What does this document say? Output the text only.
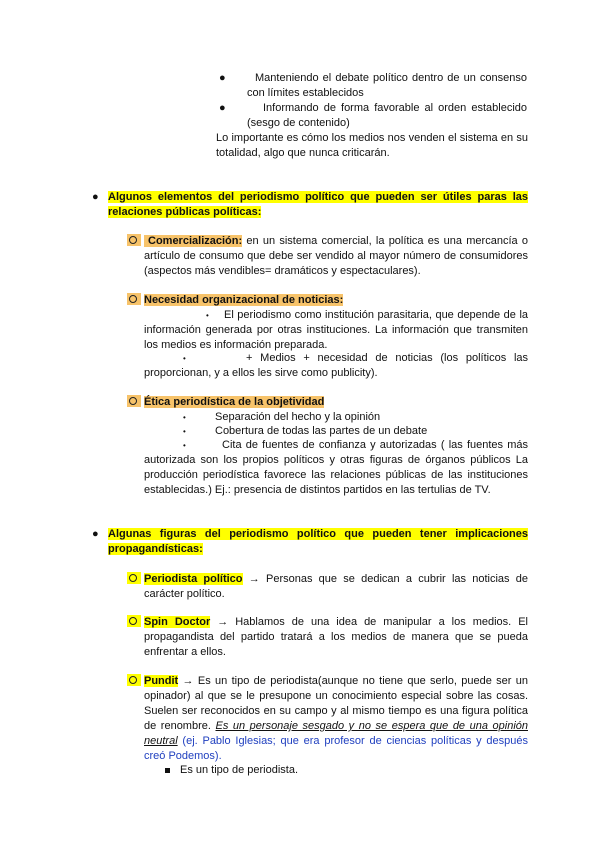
●	Manteniendo el debate político dentro de un consenso con límites establecidos
●	Informando de forma favorable al orden establecido (sesgo de contenido)
Lo importante es cómo los medios nos venden el sistema en su totalidad, algo que nunca criticarán.
● Algunos elementos del periodismo político que pueden ser útiles paras las relaciones públicas políticas:
Comercialización: en un sistema comercial, la política es una mercancía o artículo de consumo que debe ser vendido al mayor número de consumidores (aspectos más vendibles= dramáticos y espectaculares).
Necesidad organizacional de noticias:
•	El periodismo como institución parasitaria, que depende de la información generada por otras instituciones. La información que transmiten los medios es información preparada.
•	+ Medios + necesidad de noticias (los políticos las proporcionan, y a ellos les sirve como publicity).
Ética periodística de la objetividad
•	Separación del hecho y la opinión
•	Cobertura de todas las partes de un debate
•	Cita de fuentes de confianza y autorizadas ( las fuentes más autorizada son los propios políticos y otras figuras de órganos públicos La producción periodística favorece las relaciones públicas de las instituciones establecidas.) Ej.: presencia de distintos partidos en las tertulias de TV.
● Algunas figuras del periodismo político que pueden tener implicaciones propagandísticas:
Periodista político → Personas que se dedican a cubrir las noticias de carácter político.
Spin Doctor → Hablamos de una idea de manipular a los medios. El propagandista del partido tratará a los medios de manera que se pueda enfrentar a ellos.
Pundit → Es un tipo de periodista(aunque no tiene que serlo, puede ser un opinador) al que se le presupone un conocimiento especial sobre las cosas. Suelen ser reconocidos en su campo y al mismo tiempo es una figura política de renombre. Es un personaje sesgado y no se espera que de una opinión neutral (ej. Pablo Iglesias; que era profesor de ciencias políticas y después creó Podemos).
Es un tipo de periodista.
